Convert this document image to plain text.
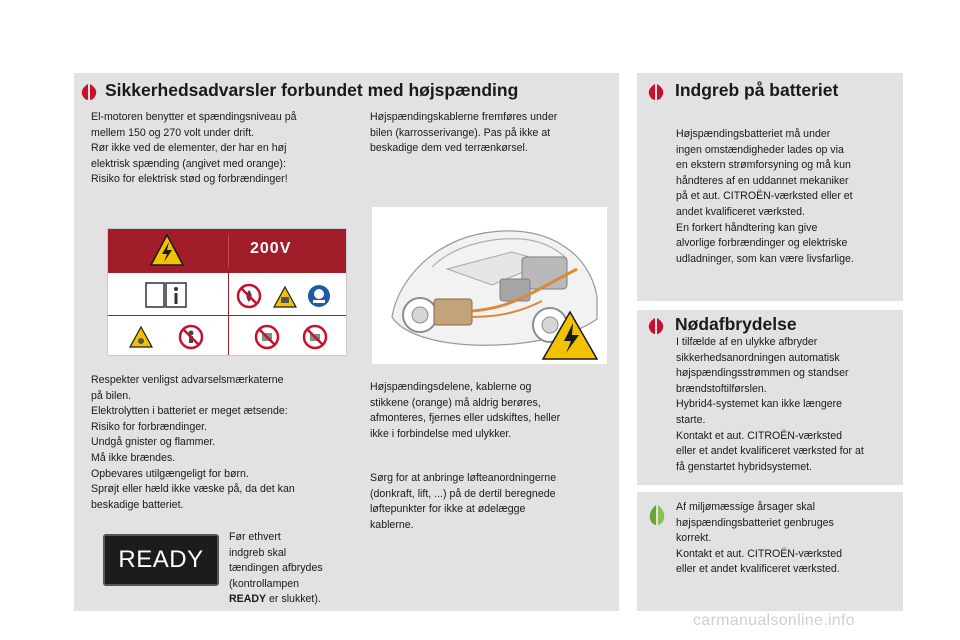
Sikkerhedsadvarsler forbundet med højspænding
El-motoren benytter et spændingsniveau på
mellem 150 og 270 volt under drift.
Rør ikke ved de elementer, der har en høj
elektrisk spænding (angivet med orange):
Risiko for elektrisk stød og forbrændinger!
Højspændingskablerne fremføres under
bilen (karrosserivange). Pas på ikke at
beskadige dem ved terrænkørsel.
200V
Respekter venligst advarselsmærkaterne
på bilen.
Elektrolytten i batteriet er meget ætsende:
Risiko for forbrændinger.
Undgå gnister og flammer.
Må ikke brændes.
Opbevares utilgængeligt for børn.
Sprøjt eller hæld ikke væske på, da det kan
beskadige batteriet.
Højspændingsdelene, kablerne og
stikkene (orange) må aldrig berøres,
afmonteres, fjernes eller udskiftes, heller
ikke i forbindelse med ulykker.
Sørg for at anbringe løfteanordningerne
(donkraft, lift, ...) på de dertil beregnede
løftepunkter for ikke at ødelægge
kablerne.
READY
Før ethvert
indgreb skal
tændingen afbrydes
(kontrollampen
READY er slukket).
Indgreb på batteriet
Højspændingsbatteriet må under
ingen omstændigheder lades op via
en ekstern strømforsyning og må kun
håndteres af en uddannet mekaniker
på et aut. CITROËN-værksted eller et
andet kvalificeret værksted.
En forkert håndtering kan give
alvorlige forbrændinger og elektriske
udladninger, som kan være livsfarlige.
Nødafbrydelse
I tilfælde af en ulykke afbryder
sikkerhedsanordningen automatisk
højspændingsstrømmen og standser
brændstoftilførslen.
Hybrid4-systemet kan ikke længere
starte.
Kontakt et aut. CITROËN-værksted
eller et andet kvalificeret værksted for at
få genstartet hybridsystemet.
Af miljømæssige årsager skal
højspændingsbatteriet genbruges
korrekt.
Kontakt et aut. CITROËN-værksted
eller et andet kvalificeret værksted.
carmanualsonline.info
